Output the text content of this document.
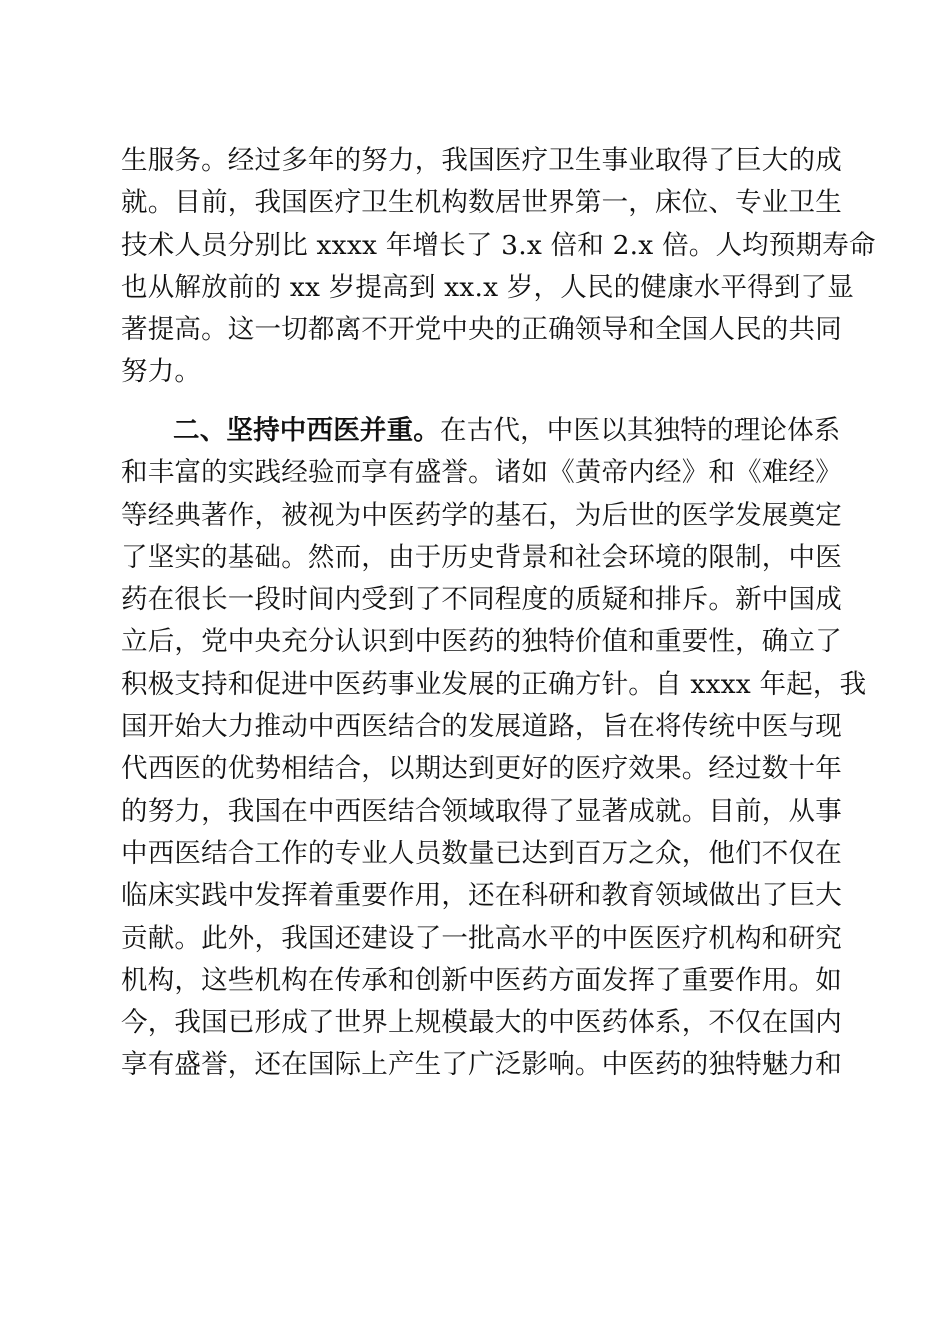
生服务。经过多年的努力，我国医疗卫生事业取得了巨大的成
就。目前，我国医疗卫生机构数居世界第一，床位、专业卫生
技术人员分别比 xxxx 年增长了 3.x 倍和 2.x 倍。人均预期寿命
也从解放前的 xx 岁提高到 xx.x 岁，人民的健康水平得到了显
著提高。这一切都离不开党中央的正确领导和全国人民的共同
努力。
二、坚持中西医并重。在古代，中医以其独特的理论体系
和丰富的实践经验而享有盛誉。诸如《黄帝内经》和《难经》
等经典著作，被视为中医药学的基石，为后世的医学发展奠定
了坚实的基础。然而，由于历史背景和社会环境的限制，中医
药在很长一段时间内受到了不同程度的质疑和排斥。新中国成
立后，党中央充分认识到中医药的独特价值和重要性，确立了
积极支持和促进中医药事业发展的正确方针。自 xxxx 年起，我
国开始大力推动中西医结合的发展道路，旨在将传统中医与现
代西医的优势相结合，以期达到更好的医疗效果。经过数十年
的努力，我国在中西医结合领域取得了显著成就。目前，从事
中西医结合工作的专业人员数量已达到百万之众，他们不仅在
临床实践中发挥着重要作用，还在科研和教育领域做出了巨大
贡献。此外，我国还建设了一批高水平的中医医疗机构和研究
机构，这些机构在传承和创新中医药方面发挥了重要作用。如
今，我国已形成了世界上规模最大的中医药体系，不仅在国内
享有盛誉，还在国际上产生了广泛影响。中医药的独特魅力和
